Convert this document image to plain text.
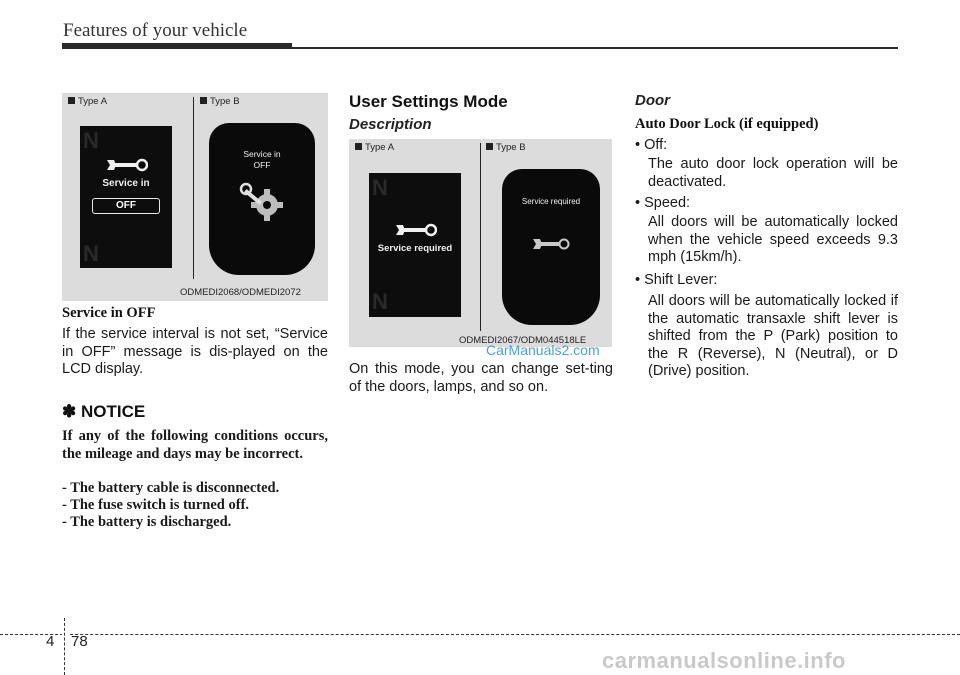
Features of your vehicle
Type A	Type B
N
N
Service in
OFF
Service in
OFF
ODMEDI2068/ODMEDI2072
Service in OFF
If the service interval is not set, “Service in OFF” message is dis-played on the LCD display.
✽ NOTICE
If any of the following conditions occurs, the mileage and days may be incorrect.
- The battery cable is disconnected.
- The fuse switch is turned off.
- The battery is discharged.
User Settings Mode
Description
Type A	Type B
N
N
Service required
Service required
ODMEDI2067/ODM044518LE
CarManuals2.com
On this mode, you can change set-ting of the doors, lamps, and so on.
Door
Auto Door Lock (if equipped)
• Off:
The auto door lock operation will be deactivated.
• Speed:
All doors will be automatically locked when the vehicle speed exceeds 9.3 mph (15km/h).
• Shift Lever:
All doors will be automatically locked if the automatic transaxle shift lever is shifted from the P (Park) position to the R (Reverse), N (Neutral), or D (Drive) position.
4 78
carmanualsonline.info
